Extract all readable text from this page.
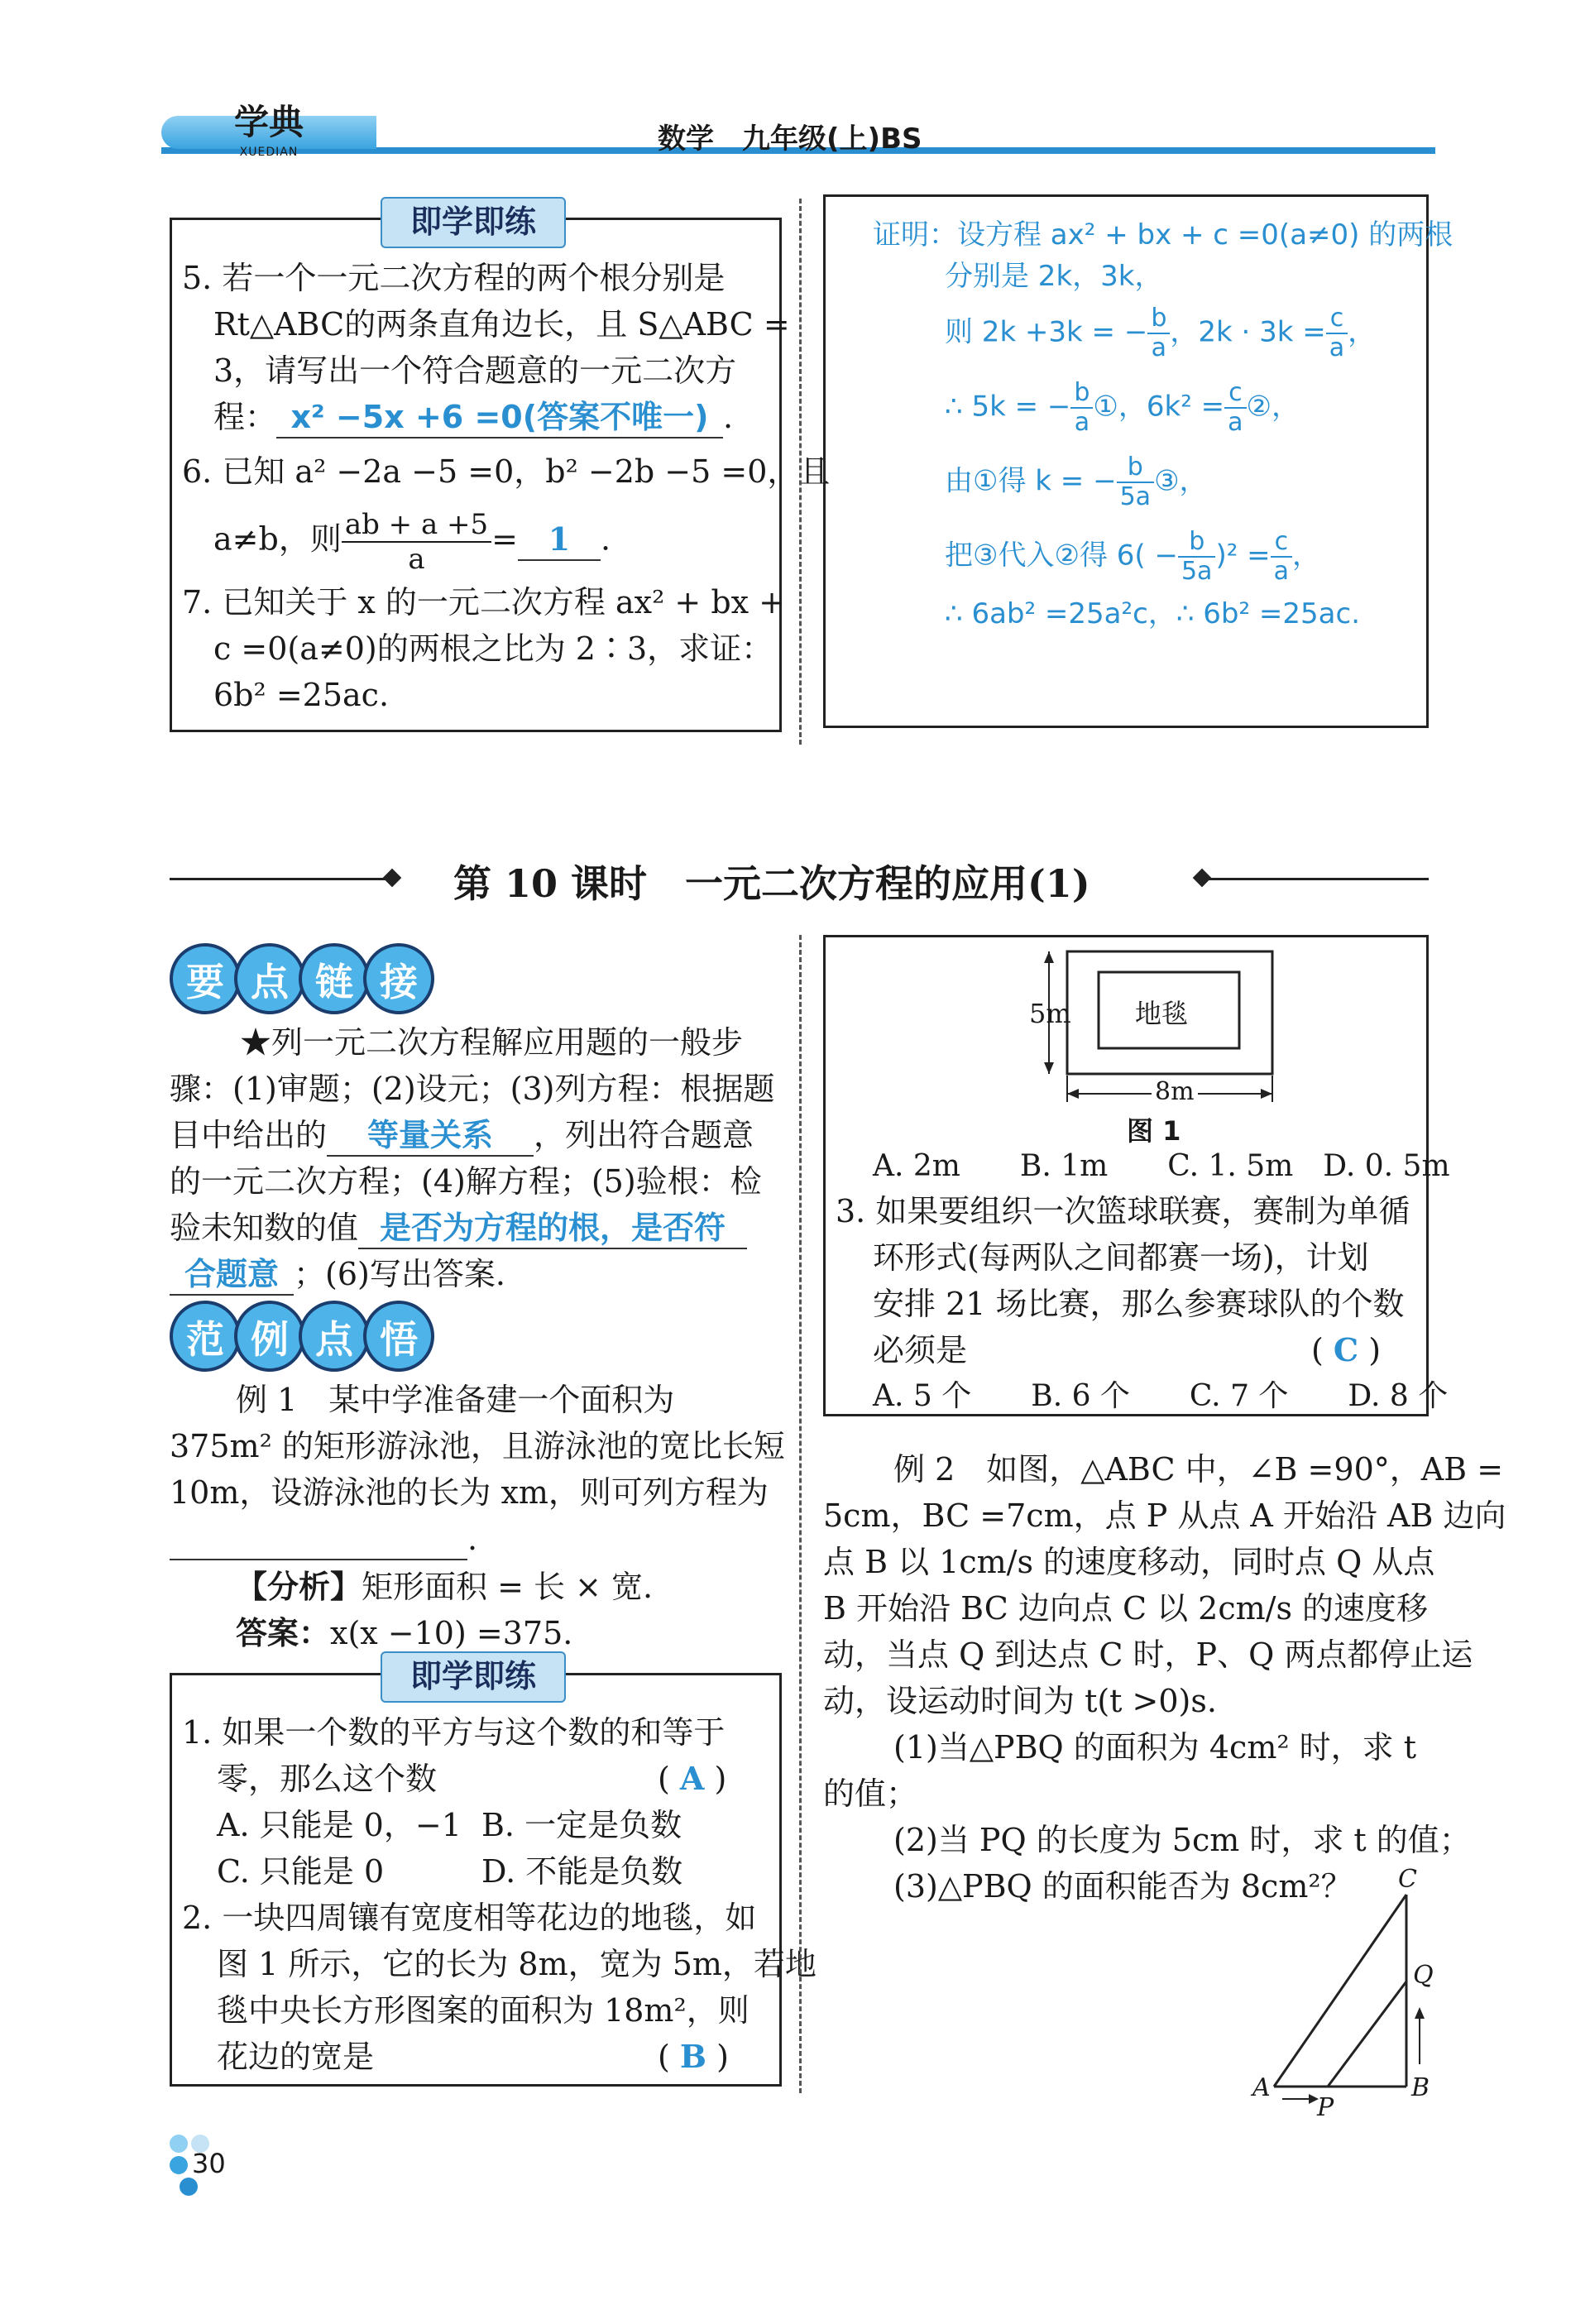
学典
XUEDIAN	数学　九年级(上)BS
即学即练
5. 若一个一元二次方程的两个根分别是
Rt△ABC的两条直角边长，且 S△ABC =
3，请写出一个符合题意的一元二次方
程： x² −5x +6 =0(答案不唯一) .
6. 已知 a² −2a −5 =0，b² −2b −5 =0，且
a≠b，则 $\frac{ab + a +5}{a} = 1$ .
7. 已知关于 x 的一元二次方程 ax² + bx +
c =0(a≠0)的两根之比为 2∶3，求证：
6b² =25ac.
证明：设方程 ax² + bx + c =0(a≠0) 的两根
分别是 2k，3k，
则 2k +3k = − $\frac{b}{a}$ ，$2k \cdot 3k = \frac{c}{a}$ ，
∴ 5k = − $\frac{b}{a}$ ①，$6k^2 = \frac{c}{a}$ ②，
由①得 k = − $\frac{b}{5a}$ ③，
把③代入②得 $6( - \frac{b}{5a} )^2 = \frac{c}{a}$ ，
∴ 6ab² =25a²c，∴ 6b² =25ac.
第 10 课时　一元二次方程的应用(1)
要 点 链 接
★列一元二次方程解应用题的一般步
骤：(1)审题；(2)设元；(3)列方程：根据题
目中给出的 等量关系 ，列出符合题意
的一元二次方程；(4)解方程；(5)验根：检
验未知数的值 是否为方程的根，是否符
合题意 ；(6)写出答案.
范 例 点 悟
例 1　某中学准备建一个面积为
375m² 的矩形游泳池，且游泳池的宽比长短
10m，设游泳池的长为 xm，则可列方程为
.
【分析】矩形面积 = 长 × 宽.
答案：x(x −10) =375.
即学即练
1. 如果一个数的平方与这个数的和等于
零，那么这个数	( A )
A. 只能是 0，−1 B. 一定是负数
C. 只能是 0	D. 不能是负数
2. 一块四周镶有宽度相等花边的地毯，如
图 1 所示，它的长为 8m，宽为 5m，若地
毯中央长方形图案的面积为 18m²，则
花边的宽是	( B )
地毯
5m
8m
图 1
A. 2m　　B. 1m　　C. 1. 5m　D. 0. 5m
3. 如果要组织一次篮球联赛，赛制为单循
环形式(每两队之间都赛一场)，计划
安排 21 场比赛，那么参赛球队的个数
必须是	( C )
A. 5 个　　B. 6 个　　C. 7 个　　D. 8 个
例 2　如图，△ABC 中，∠B =90°，AB =
5cm，BC =7cm，点 P 从点 A 开始沿 AB 边向
点 B 以 1cm/s 的速度移动，同时点 Q 从点
B 开始沿 BC 边向点 C 以 2cm/s 的速度移
动，当点 Q 到达点 C 时，P、Q 两点都停止运
动，设运动时间为 t(t >0)s.
(1)当△PBQ 的面积为 4cm² 时，求 t
的值；
(2)当 PQ 的长度为 5cm 时，求 t 的值；
(3)△PBQ 的面积能否为 8cm²？ C
Q
A
P
B
30
